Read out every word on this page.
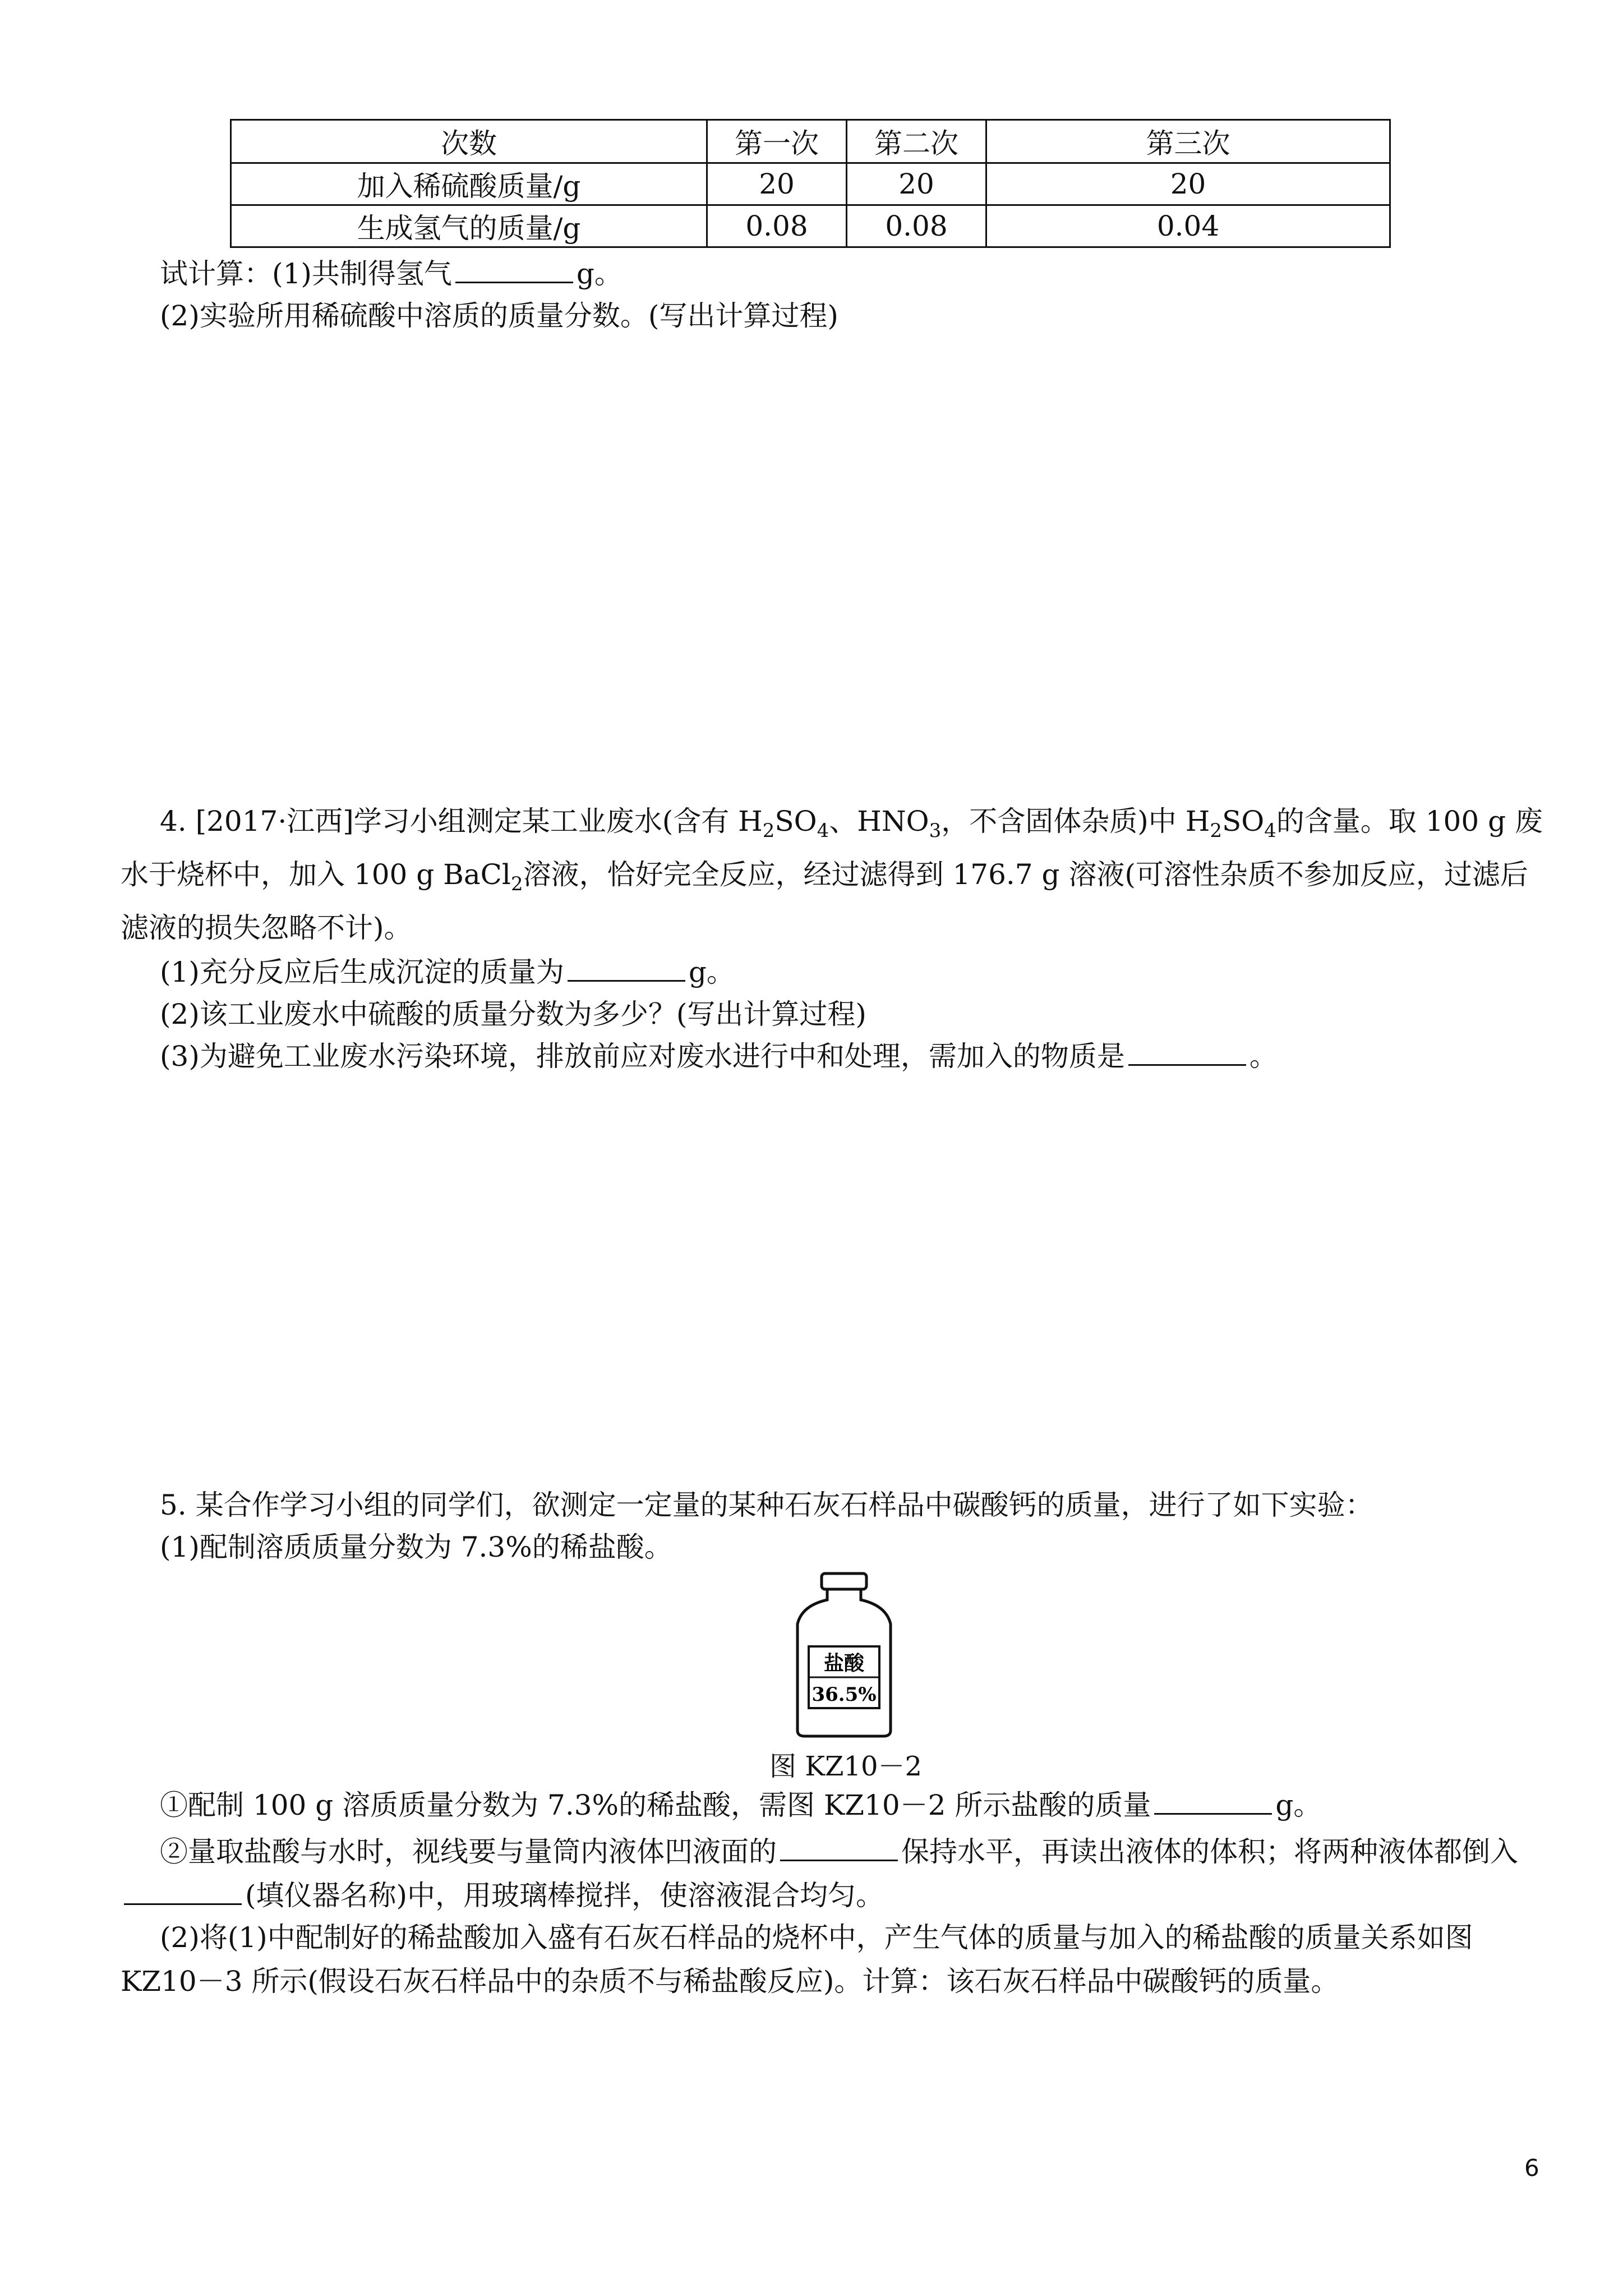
次数	第一次	第二次	第三次
加入稀硫酸质量/g	20	20	20
生成氢气的质量/g	0.08	0.08	0.04
试计算：(1)共制得氢气	g。
(2)实验所用稀硫酸中溶质的质量分数。(写出计算过程)
4. [2017·江西]学习小组测定某工业废水(含有 $H_2SO_4$、$HNO_3$，不含固体杂质)中 $H_2SO_4$的含量。取 100 g 废水于烧杯中，加入 100 g BaCl$_2$溶液，恰好完全反应，经过滤得到 176.7 g 溶液(可溶性杂质不参加反应，过滤后滤液的损失忽略不计)。
(1)充分反应后生成沉淀的质量为	g。
(2)该工业废水中硫酸的质量分数为多少？(写出计算过程)
(3)为避免工业废水污染环境，排放前应对废水进行中和处理，需加入的物质是	。
5. 某合作学习小组的同学们，欲测定一定量的某种石灰石样品中碳酸钙的质量，进行了如下实验：
(1)配制溶质质量分数为 7.3%的稀盐酸。
盐酸
36.5%
图 KZ10－2
①配制 100 g 溶质质量分数为 7.3%的稀盐酸，需图 KZ10－2 所示盐酸的质量	g。
②量取盐酸与水时，视线要与量筒内液体凹液面的	保持水平，再读出液体的体积；将两种液体都倒入(填仪器名称)中，用玻璃棒搅拌，使溶液混合均匀。
(2)将(1)中配制好的稀盐酸加入盛有石灰石样品的烧杯中，产生气体的质量与加入的稀盐酸的质量关系如图 KZ10－3 所示(假设石灰石样品中的杂质不与稀盐酸反应)。计算：该石灰石样品中碳酸钙的质量。
6
